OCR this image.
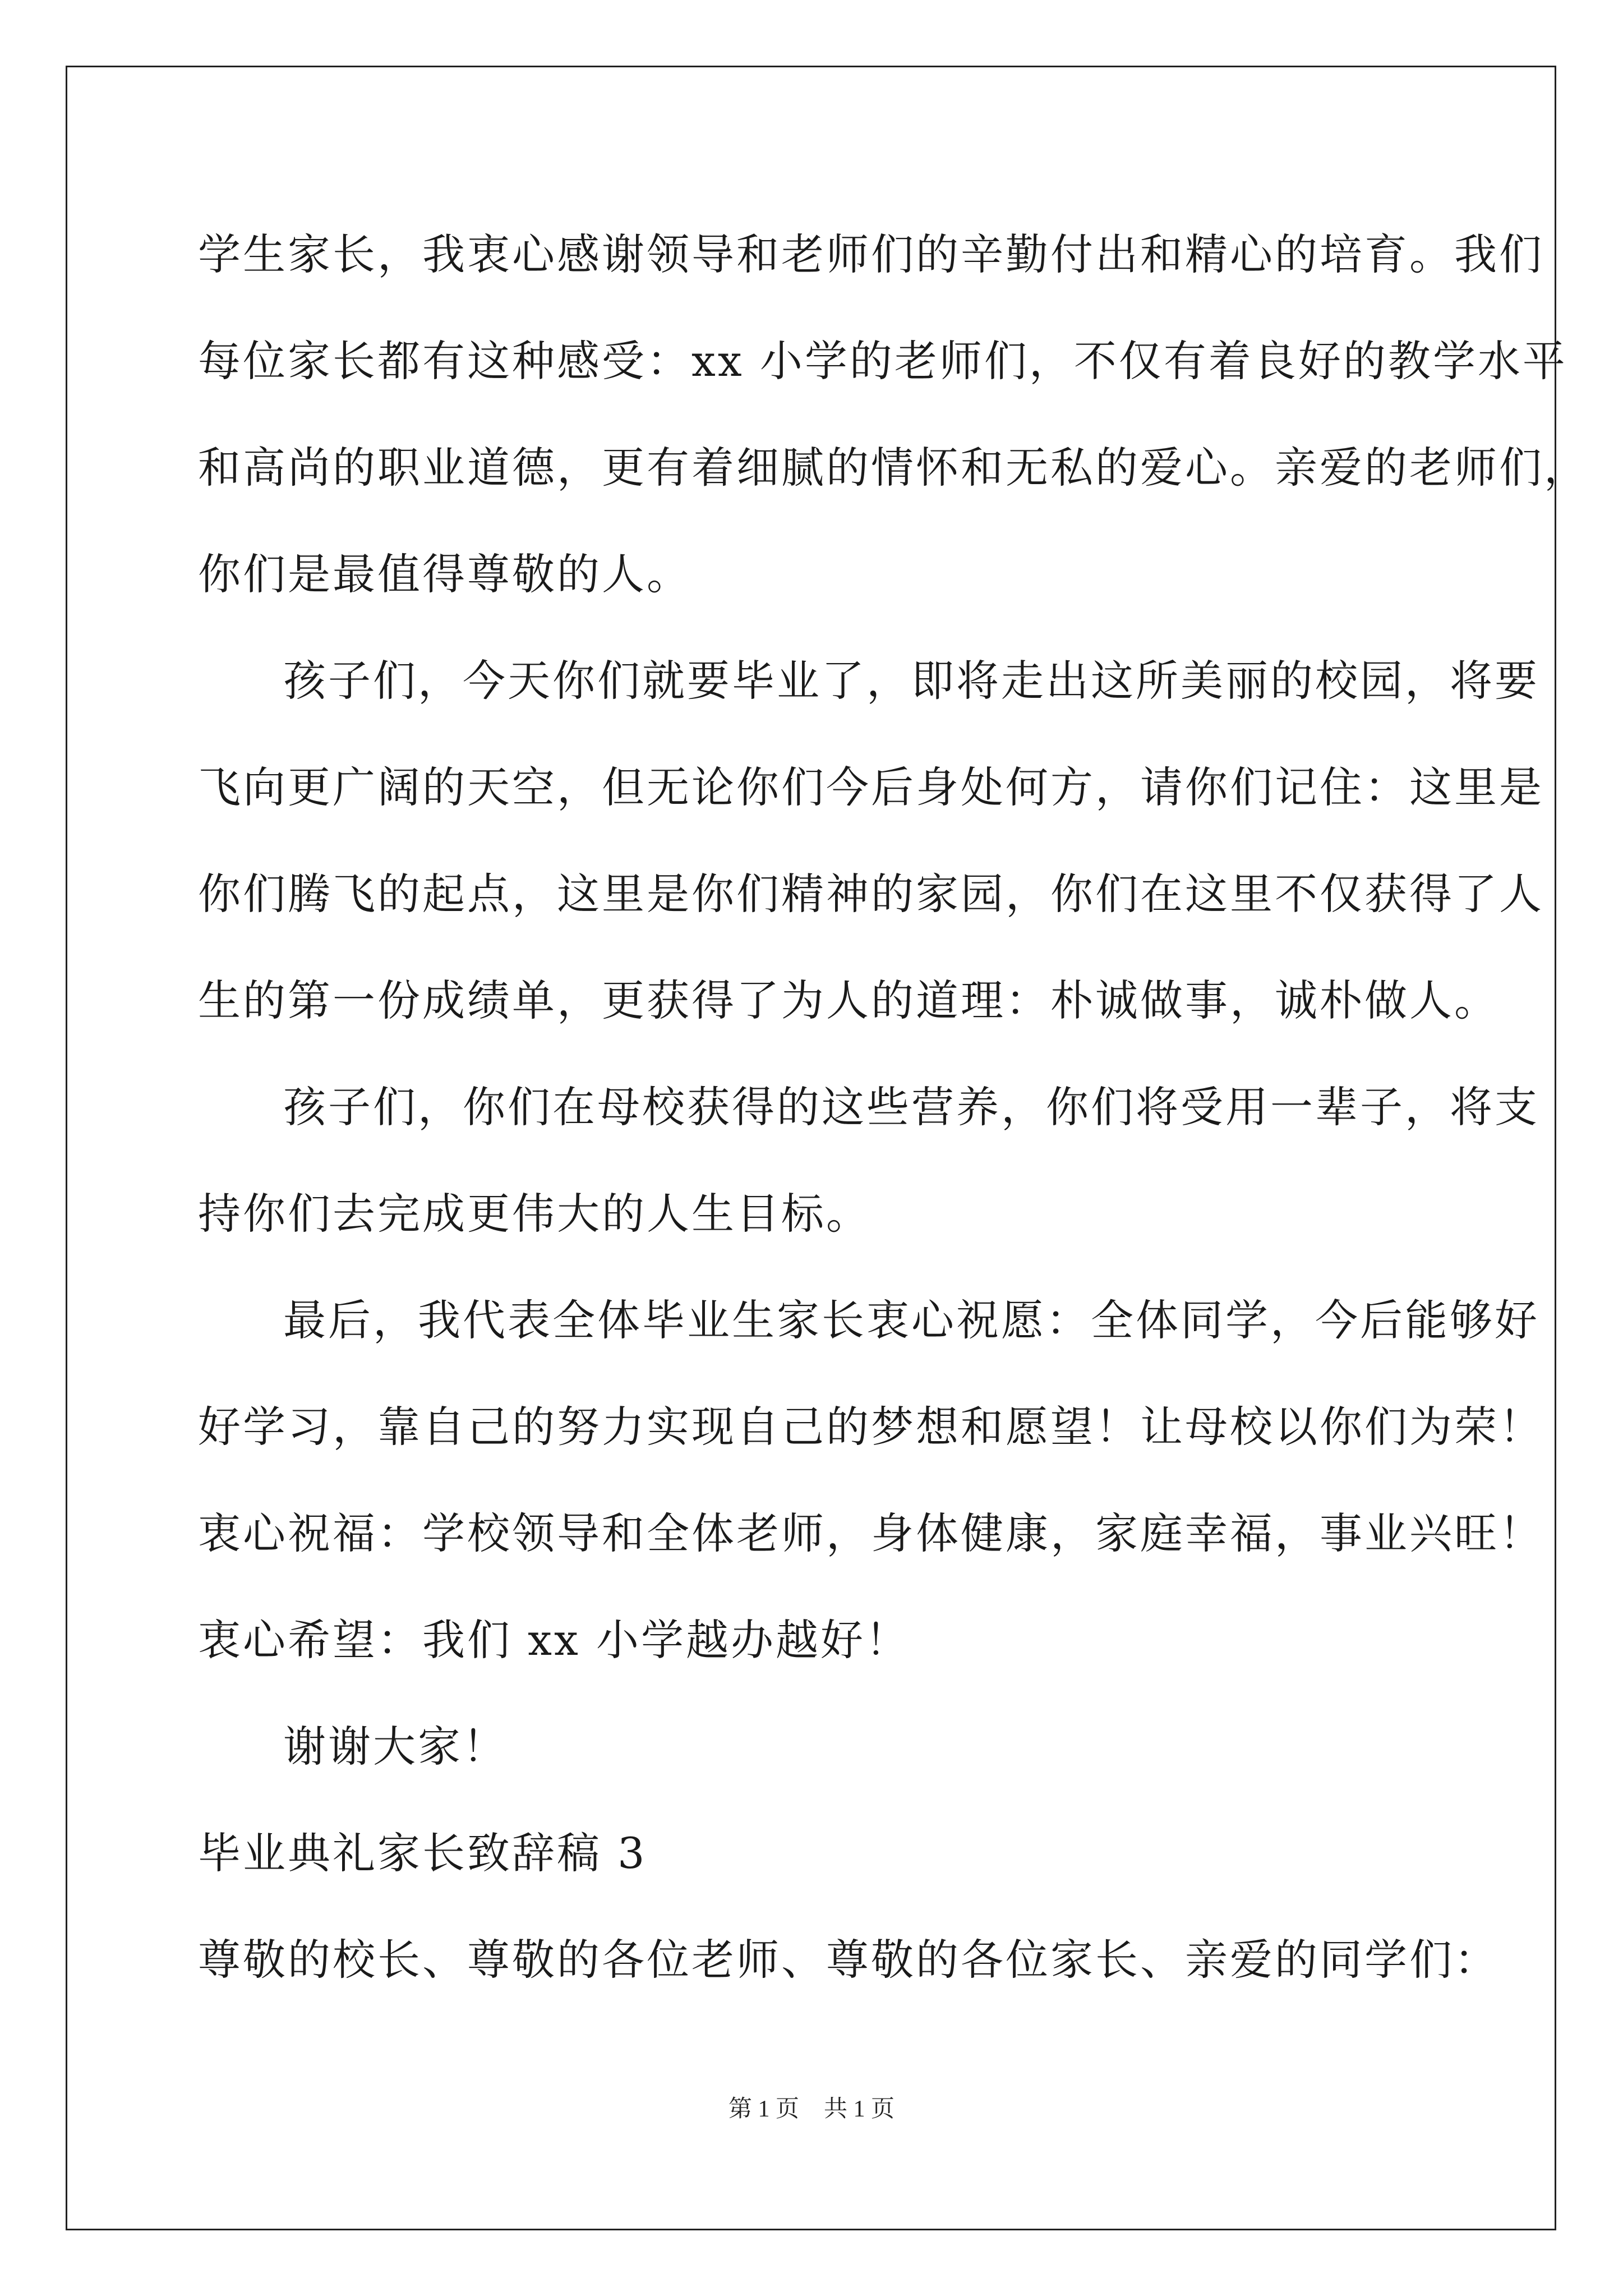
学生家长，我衷心感谢领导和老师们的辛勤付出和精心的培育。我们
每位家长都有这种感受：xx 小学的老师们，不仅有着良好的教学水平
和高尚的职业道德，更有着细腻的情怀和无私的爱心。亲爱的老师们，
你们是最值得尊敬的人。
孩子们，今天你们就要毕业了，即将走出这所美丽的校园，将要
飞向更广阔的天空，但无论你们今后身处何方，请你们记住：这里是
你们腾飞的起点，这里是你们精神的家园，你们在这里不仅获得了人
生的第一份成绩单，更获得了为人的道理：朴诚做事，诚朴做人。
孩子们，你们在母校获得的这些营养，你们将受用一辈子，将支
持你们去完成更伟大的人生目标。
最后，我代表全体毕业生家长衷心祝愿：全体同学，今后能够好
好学习，靠自己的努力实现自己的梦想和愿望！让母校以你们为荣！
衷心祝福：学校领导和全体老师，身体健康，家庭幸福，事业兴旺！
衷心希望：我们 xx 小学越办越好！
谢谢大家！
毕业典礼家长致辞稿 3
尊敬的校长、尊敬的各位老师、尊敬的各位家长、亲爱的同学们：
第 1 页 共 1 页
